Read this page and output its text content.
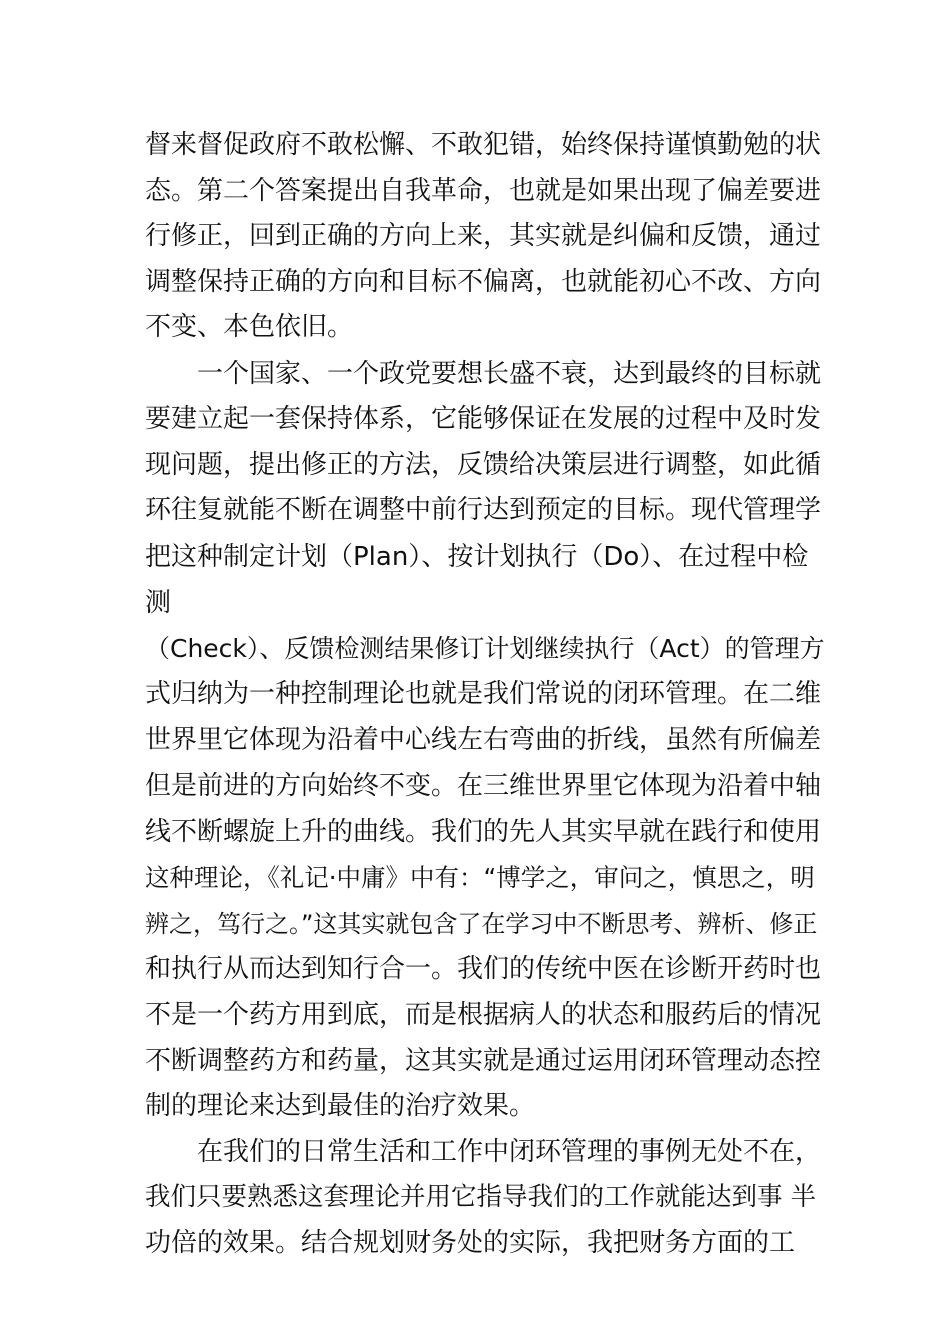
督来督促政府不敢松懈、不敢犯错，始终保持谨慎勤勉的状
态。第二个答案提出自我革命，也就是如果出现了偏差要进
行修正，回到正确的方向上来，其实就是纠偏和反馈，通过
调整保持正确的方向和目标不偏离，也就能初心不改、方向
不变、本色依旧。
一个国家、一个政党要想长盛不衰，达到最终的目标就
要建立起一套保持体系，它能够保证在发展的过程中及时发
现问题，提出修正的方法，反馈给决策层进行调整，如此循
环往复就能不断在调整中前行达到预定的目标。现代管理学
把这种制定计划（Plan）、按计划执行（Do）、在过程中检
测
（Check）、反馈检测结果修订计划继续执行（Act）的管理方
式归纳为一种控制理论也就是我们常说的闭环管理。在二维
世界里它体现为沿着中心线左右弯曲的折线，虽然有所偏差
但是前进的方向始终不变。在三维世界里它体现为沿着中轴
线不断螺旋上升的曲线。我们的先人其实早就在践行和使用
这种理论，《礼记·中庸》中有：“博学之，审问之，慎思之，明
辨之，笃行之。”这其实就包含了在学习中不断思考、辨析、修正
和执行从而达到知行合一。我们的传统中医在诊断开药时也
不是一个药方用到底，而是根据病人的状态和服药后的情况
不断调整药方和药量，这其实就是通过运用闭环管理动态控
制的理论来达到最佳的治疗效果。
在我们的日常生活和工作中闭环管理的事例无处不在，
我们只要熟悉这套理论并用它指导我们的工作就能达到事 半
功倍的效果。结合规划财务处的实际，我把财务方面的工
